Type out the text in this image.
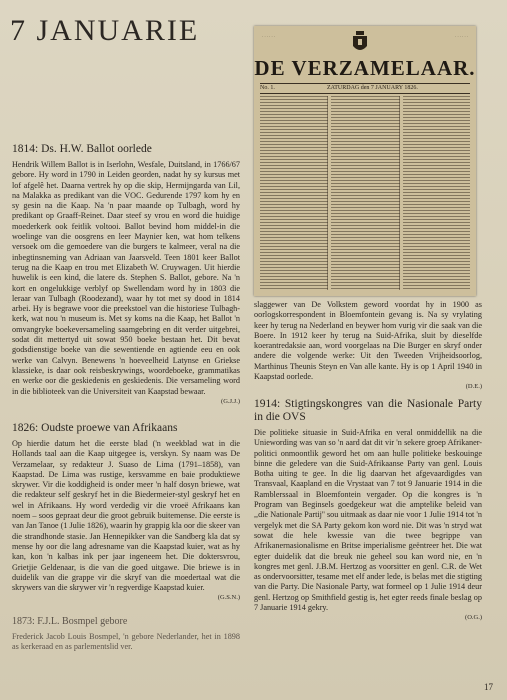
7 JANUARIE	· · · · · ·	· · · · · ·
DE VERZAMELAAR.
No. 1.	ZATURDAG den 7 JANUARY 1826.
1814: Ds. H.W. Ballot oorlede

Hendrik Willem Ballot is in Iserlohn, Wesfale, Duitsland, in 1766/67 gebore. Hy word in 1790 in Leiden georden, nadat hy sy kursus met lof afgelê het. Daarna vertrek hy op die skip, Hermijngarda van Lil, na Malakka as predikant van die VOC. Gedurende 1797 kom hy en sy gesin na die Kaap. Na 'n paar maande op Tulbagh, word hy predikant op Graaff-Reinet. Daar steef sy vrou en word die huidige moederkerk ook feitlik voltooi. Ballot bevind hom middel-in die woelinge van die oosgrens en leer Maynier ken, wat hom telkens versoek om die gemoedere van die burgers te kalmeer, veral na die inbegtinsneming van Adriaan van Jaarsveld. Teen 1801 keer Ballot terug na die Kaap en trou met Elizabeth W. Cruywagen. Uit hierdie huwelik is een kind, die latere ds. Stephen S. Ballot, gebore. Na 'n kort en ongelukkige verblyf op Swellendam word hy in 1803 die leraar van Tulbagh (Roodezand), waar hy tot met sy dood in 1814 arbei. Hy is begrawe voor die preekstoel van die historiese Tulbagh-kerk, wat nou 'n museum is. Met sy koms na die Kaap, het Ballot 'n omvangryke boekeversameling saamgebring en dit verder uitgebrei, sodat dit mettertyd uit sowat 950 boeke bestaan het. Dit bevat godsdienstige boeke van die sewentiende en agtiende eeu en ook werke van Calvyn. Benewens 'n hoeveelheid Latynse en Griekse klassieke, is daar ook reisbeskrywings, woordeboeke, grammatikas en werke oor die geskiedenis en geskiedenis. Die versameling word in die biblioteek van die Universiteit van Kaapstad bewaar.

(G.J.J.)
1826: Oudste proewe van Afrikaans

Op hierdie datum het die eerste blad ('n weekblad wat in die Hollands taal aan die Kaap uitgegee is, verskyn. Sy naam was De Verzamelaar, sy redakteur J. Suaso de Lima (1791–1858), van Kaapstad. De Lima was rustige, kersvamme en baie produktiewe skrywer. Vir die koddigheid is onder meer 'n half dosyn briewe, wat die redakteur self geskryf het in die Biedermeier-styl geskryf het en wel in Afrikaans. Hy word verdedig vir die vroeë Afrikaans kan noem – soos gepraat deur die groot gebruik buitemense. Die eerste is van Jan Tanoe (1 Julie 1826), waarin hy grappig kla oor die skeer van die strandhonde stasie. Jan Hennepikker van die Sandberg kla dat sy mense hy oor die lang adresname van die Kaapstad kuier, wat as hy kan, kon 'n kalbas ink per jaar ingeneem het. Die doktersvrou, Grietjie Geldenaar, is die van die goed uitgawe. Die briewe is in duidelik van die grappe vir die skryf van die moedertaal wat die skrywers van die skrywer vir 'n regverdige Kaapstad kuier.

(G.S.N.)
1873: F.J.L. Bosmpel gebore

Frederick Jacob Louis Bosmpel, 'n gebore Nederlander, het in 1898 as kerkeraad en as parlementslid ver.

slaggewer van De Volkstem geword voordat hy in 1900 as oorlogskorrespondent in Bloemfontein gevang is. Na sy vrylating keer hy terug na Nederland en beywer hom vurig vir die saak van die Boere. In 1912 keer hy terug na Suid-Afrika, sluit by dieselfde koerantredaksie aan, word voorgelaas na Die Burger en skryf onder andere die volgende werke: Uit den Tweeden Vrijheidsoorlog, Marthinus Theunis Steyn en Van alle kante. Hy is op 1 April 1940 in Kaapstad oorlede.

(D.E.)
1914: Stigtingskongres van die Nasionale Party in die OVS

Die politieke situasie in Suid-Afrika en veral onmiddellik na die Uniewording was van so 'n aard dat dit vir 'n sekere groep Afrikaner-politici onmoontlik geword het om aan hulle politieke beskouinge binne die geledere van die Suid-Afrikaanse Party van genl. Louis Botha uiting te gee. In die lig daarvan het afgevaardigdes van Transvaal, Kaapland en die Vrystaat van 7 tot 9 Januarie 1914 in die Ramblerssaal in Bloemfontein vergader. Op die kongres is 'n Program van Beginsels goedgekeur wat die amptelike beleid van ,,die Nationale Partij'' sou uitmaak as daar nie voor 1 Julie 1914 tot 'n vergelyk met die SA Party gekom kon word nie. Dit was 'n stryd wat sowat die hele kwessie van die twee begrippe van Afrikanernasionalisme en Britse imperialisme geëntreer het. Die wat egter duidelik dat die breuk nie geheel sou kan word nie, en 'n kongres met genl. J.B.M. Hertzog as voorsitter en genl. C.R. de Wet as ondervoorsitter, tesame met elf ander lede, is belas met die stigting van die Party. Die Nasionale Party, wat formeel op 1 Julie 1914 deur genl. Hertzog op Smithfield gestig is, het egter reeds finale beslag op 7 Januarie 1914 gekry.

(O.G.)
17
